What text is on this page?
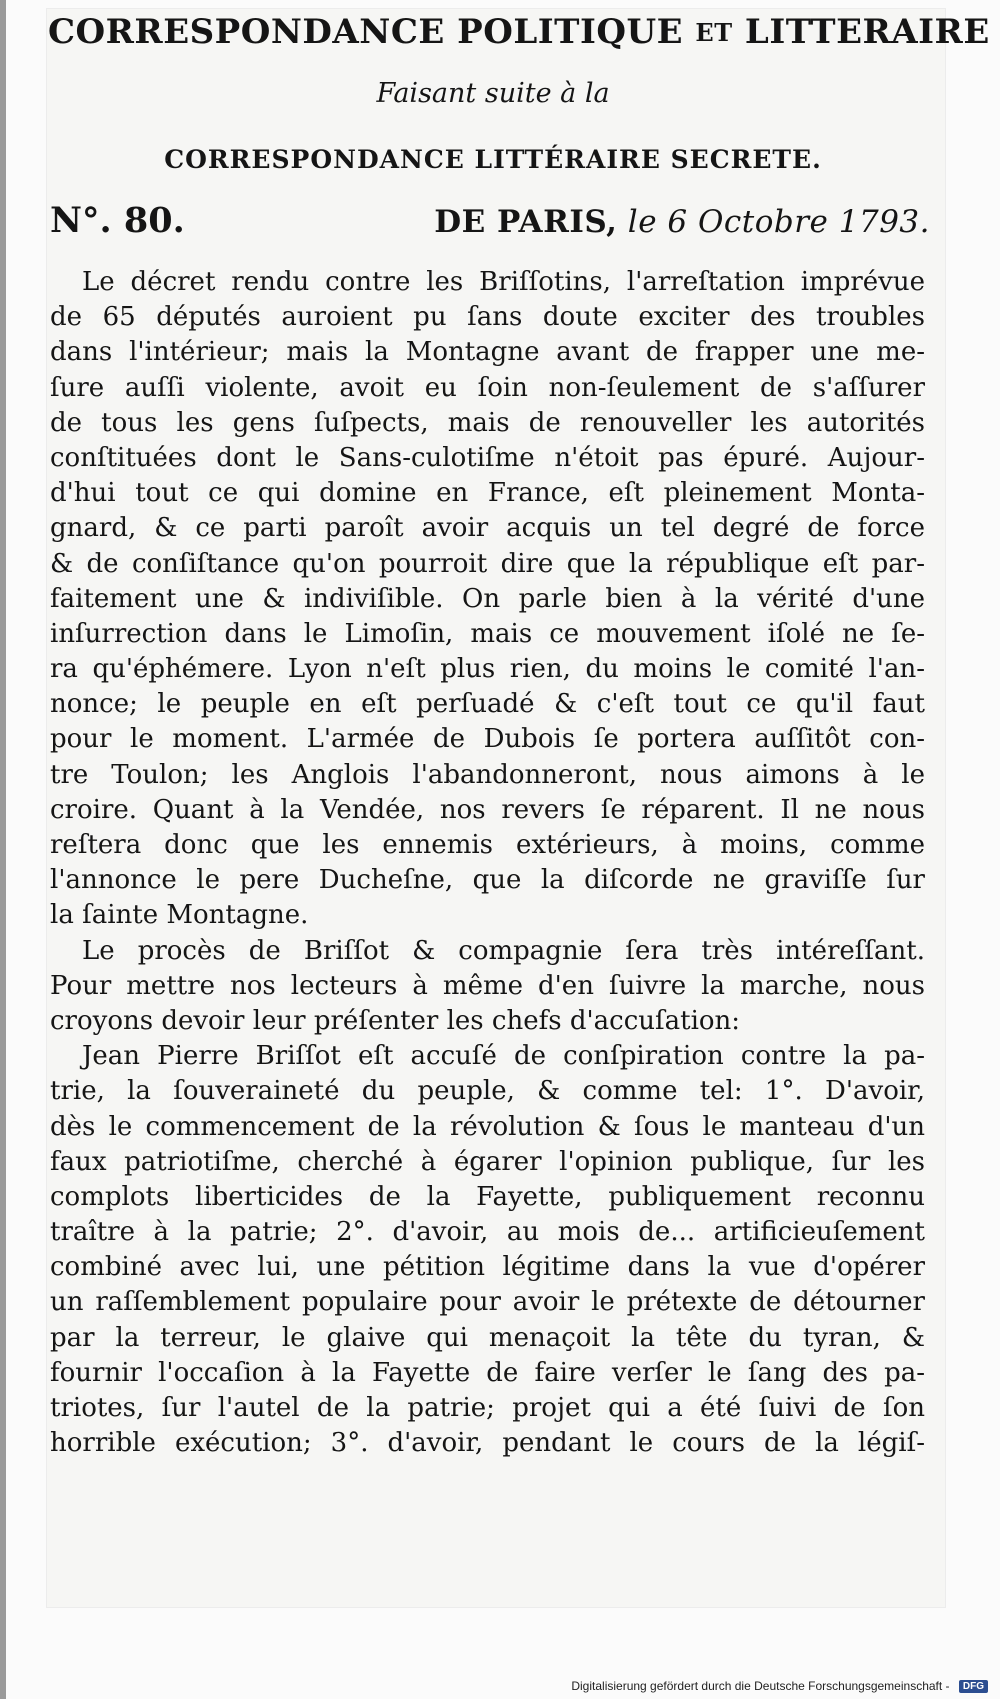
CORRESPONDANCE POLITIQUE ET LITTERAIRE
Faisant suite à la
CORRESPONDANCE LITTÉRAIRE SECRETE.
N°. 80.	DE PARIS, le 6 Octobre 1793.
Le décret rendu contre les Briſſotins, l'arreſtation imprévue
de 65 députés auroient pu ſans doute exciter des troubles
dans l'intérieur; mais la Montagne avant de frapper une me-
ſure auſſi violente, avoit eu ſoin non-ſeulement de s'aſſurer
de tous les gens ſuſpects, mais de renouveller les autorités
conſtituées dont le Sans-culotiſme n'étoit pas épuré. Aujour-
d'hui tout ce qui domine en France, eſt pleinement Monta-
gnard, & ce parti paroît avoir acquis un tel degré de force
& de conſiſtance qu'on pourroit dire que la république eſt par-
faitement une & indiviſible. On parle bien à la vérité d'une
inſurrection dans le Limoſin, mais ce mouvement iſolé ne ſe-
ra qu'éphémere. Lyon n'eſt plus rien, du moins le comité l'an-
nonce; le peuple en eſt perſuadé & c'eſt tout ce qu'il faut
pour le moment. L'armée de Dubois ſe portera auſſitôt con-
tre Toulon; les Anglois l'abandonneront, nous aimons à le
croire. Quant à la Vendée, nos revers ſe réparent. Il ne nous
reſtera donc que les ennemis extérieurs, à moins, comme
l'annonce le pere Ducheſne, que la diſcorde ne graviſſe ſur
la ſainte Montagne.
Le procès de Briſſot & compagnie ſera très intéreſſant.
Pour mettre nos lecteurs à même d'en ſuivre la marche, nous
croyons devoir leur préſenter les chefs d'accuſation:
Jean Pierre Briſſot eſt accuſé de conſpiration contre la pa-
trie, la ſouveraineté du peuple, & comme tel: 1°. D'avoir,
dès le commencement de la révolution & ſous le manteau d'un
faux patriotiſme, cherché à égarer l'opinion publique, ſur les
complots liberticides de la Fayette, publiquement reconnu
traître à la patrie; 2°. d'avoir, au mois de... artificieuſement
combiné avec lui, une pétition légitime dans la vue d'opérer
un raſſemblement populaire pour avoir le prétexte de détourner
par la terreur, le glaive qui menaçoit la tête du tyran, &
fournir l'occaſion à la Fayette de faire verſer le ſang des pa-
triotes, ſur l'autel de la patrie; projet qui a été ſuivi de ſon
horrible exécution; 3°. d'avoir, pendant le cours de la légiſ-
Digitalisierung gefördert durch die Deutsche Forschungsgemeinschaft - DFG
